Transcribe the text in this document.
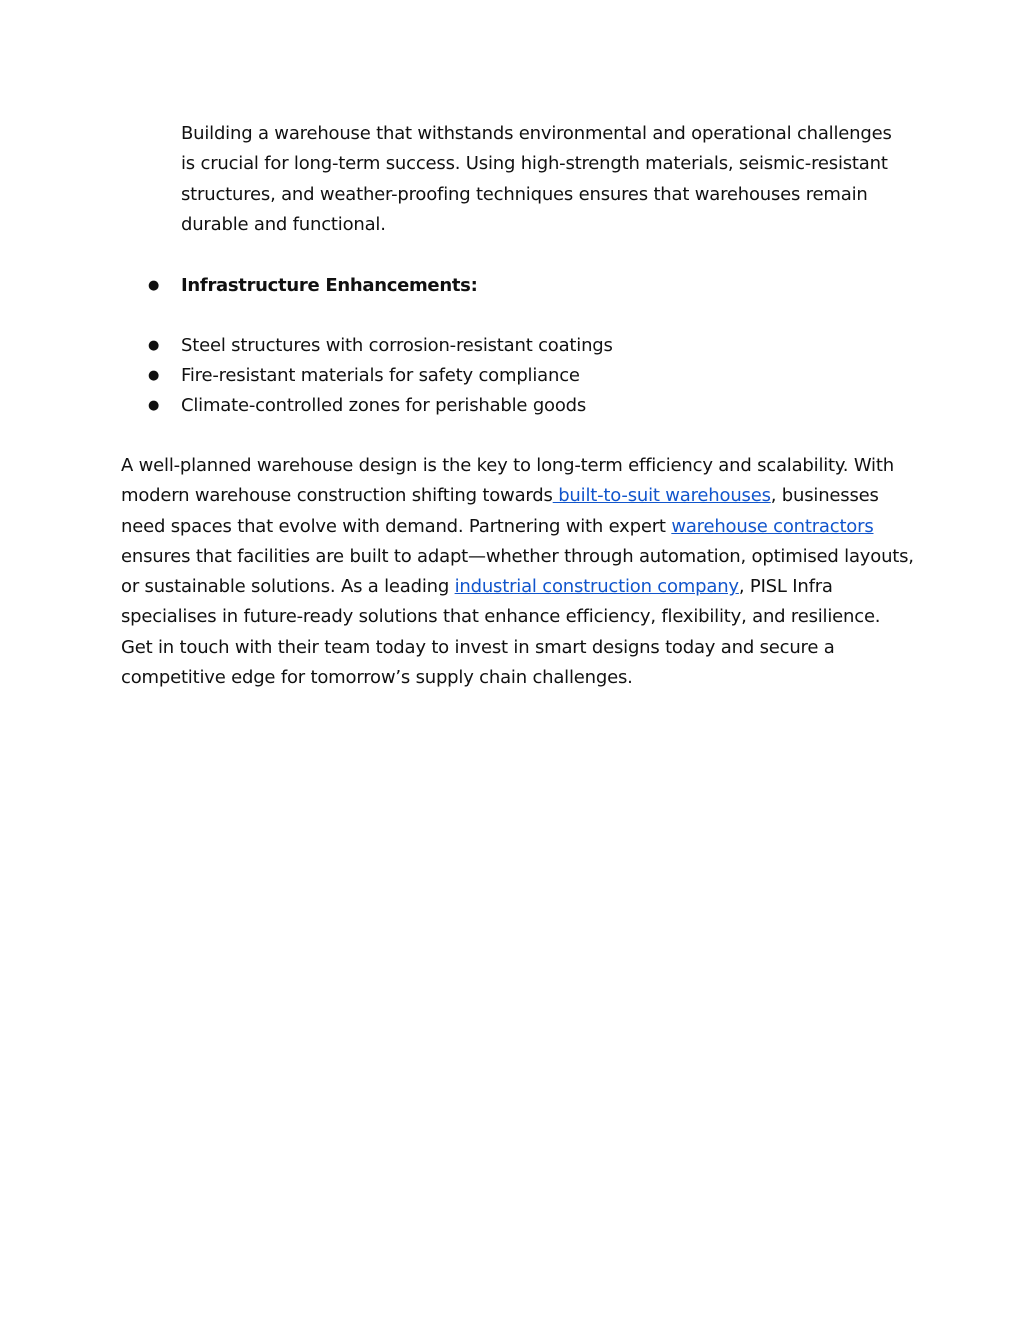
Building a warehouse that withstands environmental and operational challenges is crucial for long-term success. Using high-strength materials, seismic-resistant structures, and weather-proofing techniques ensures that warehouses remain durable and functional.

● Infrastructure Enhancements:
● Steel structures with corrosion-resistant coatings
● Fire-resistant materials for safety compliance
● Climate-controlled zones for perishable goods

A well-planned warehouse design is the key to long-term efficiency and scalability. With modern warehouse construction shifting towards built-to-suit warehouses, businesses need spaces that evolve with demand. Partnering with expert warehouse contractors ensures that facilities are built to adapt—whether through automation, optimised layouts, or sustainable solutions. As a leading industrial construction company, PISL Infra specialises in future-ready solutions that enhance efficiency, flexibility, and resilience. Get in touch with their team today to invest in smart designs today and secure a competitive edge for tomorrow’s supply chain challenges.
